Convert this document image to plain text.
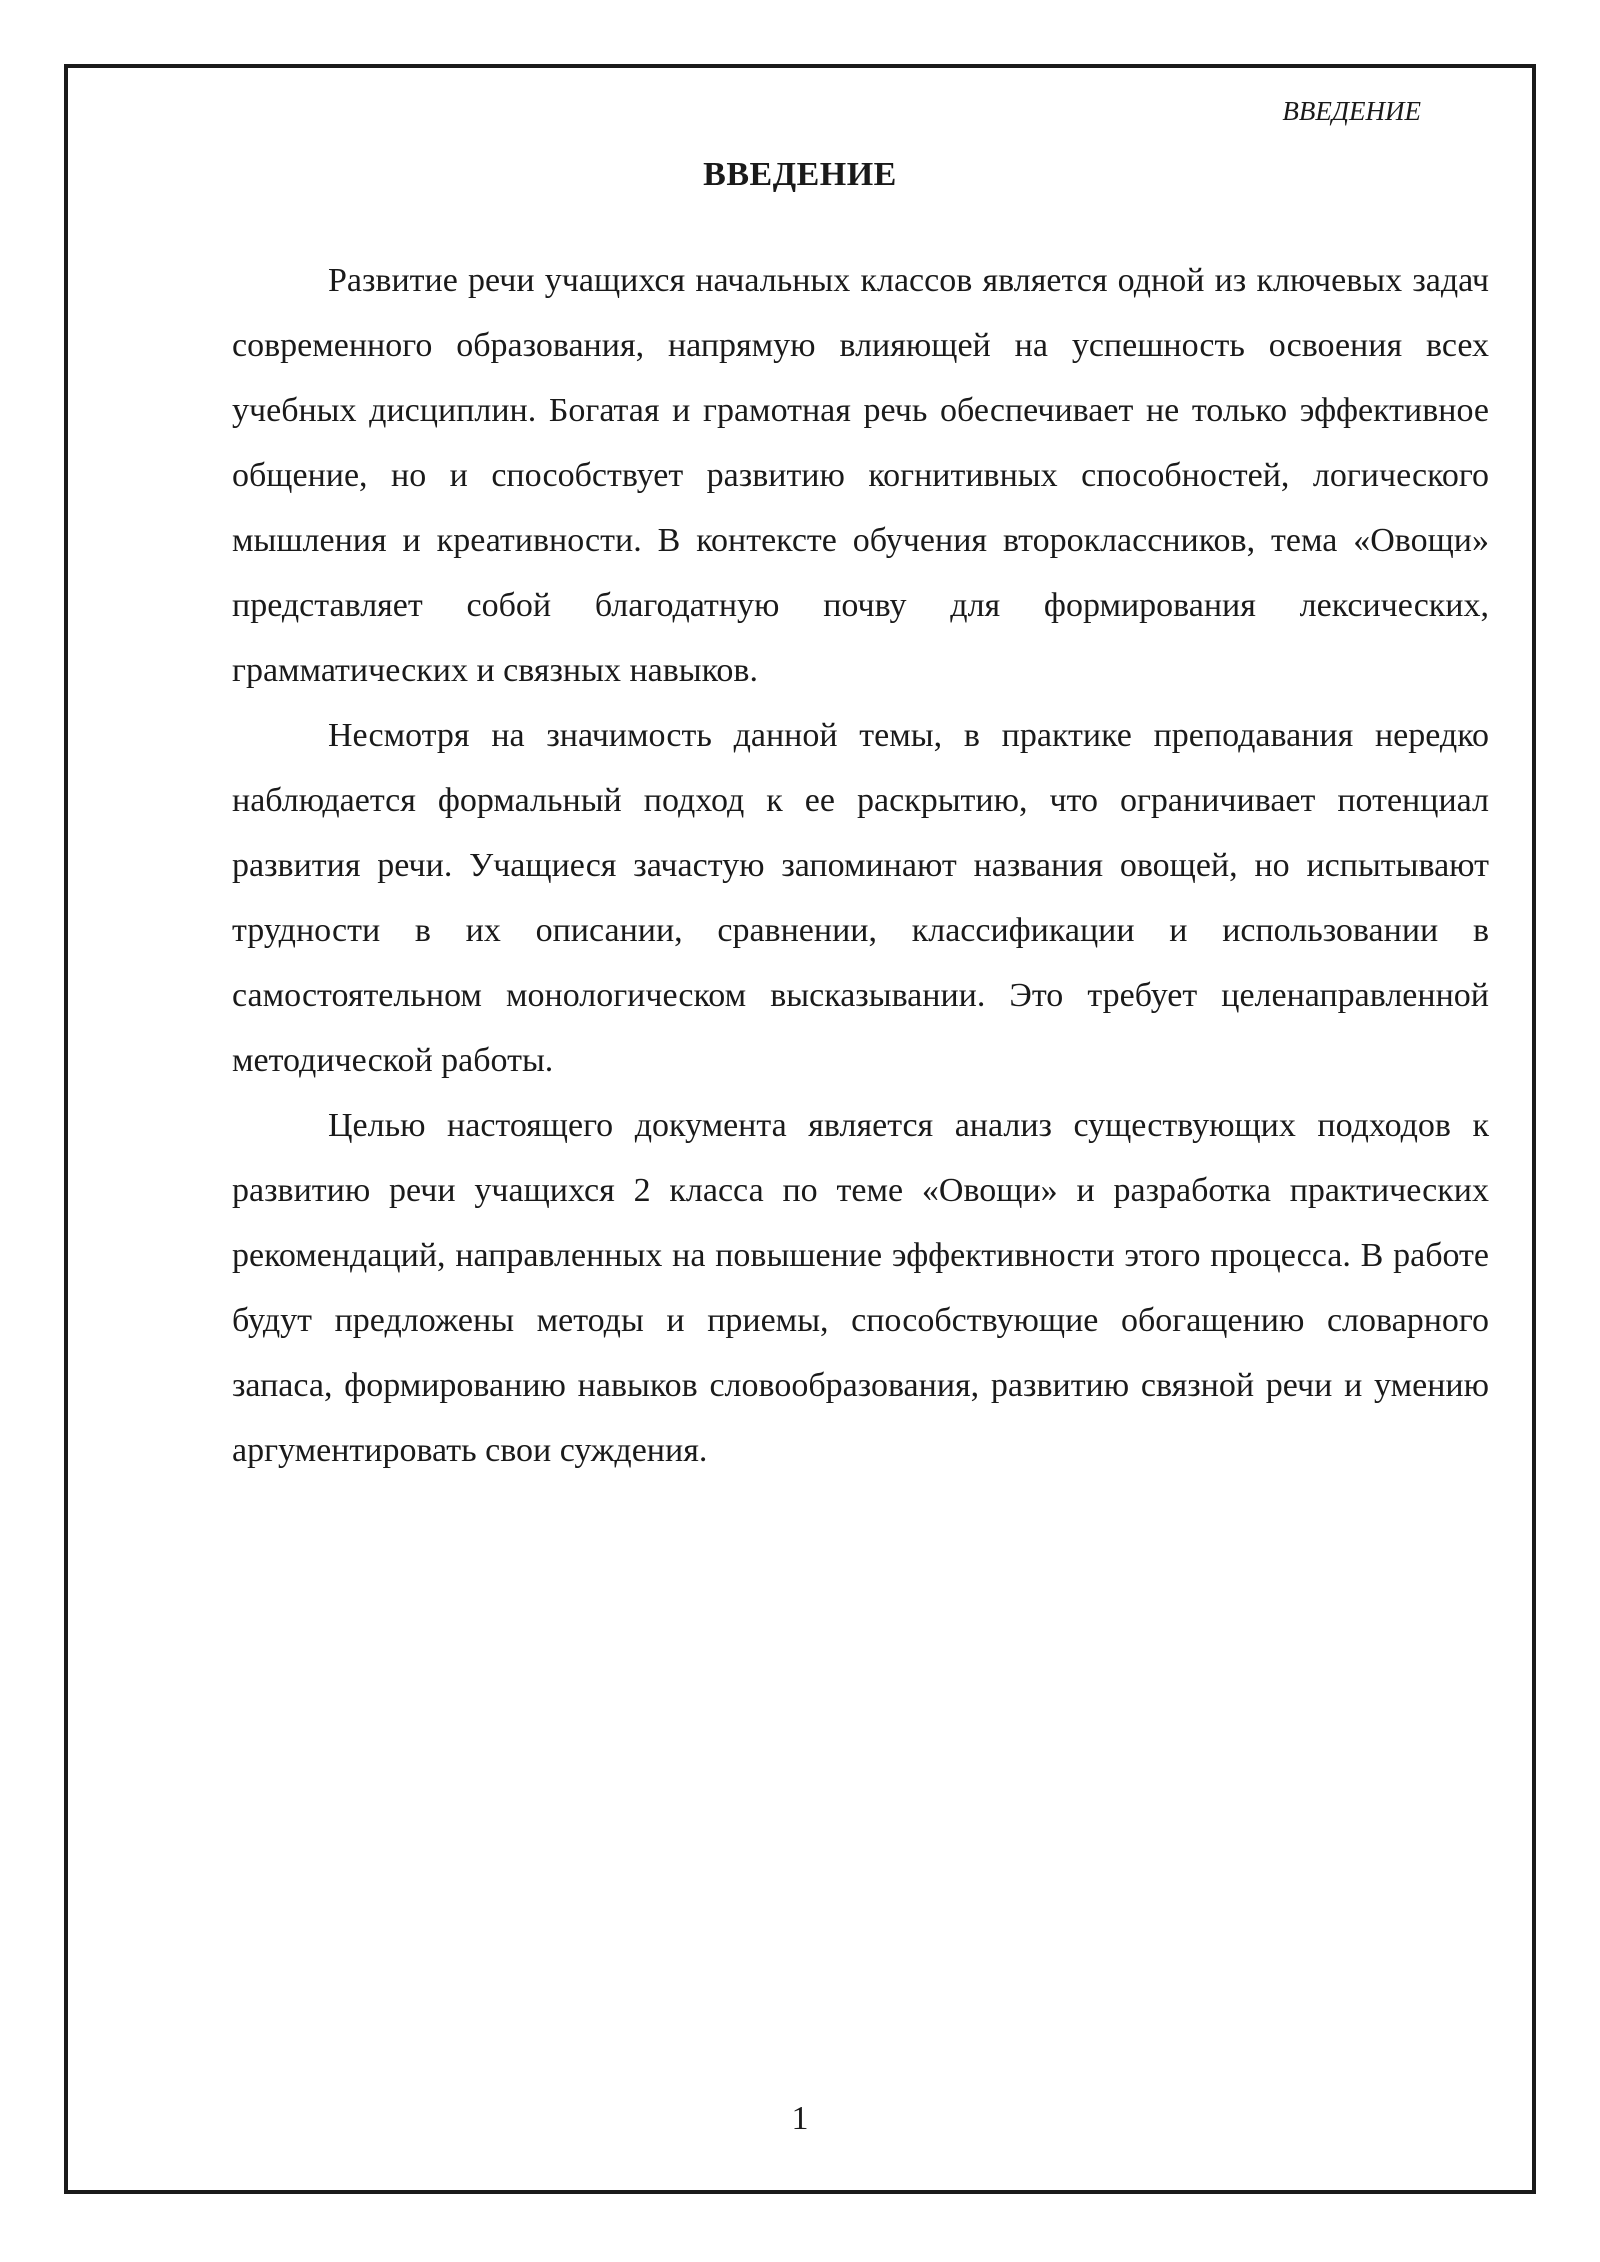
ВВЕДЕНИЕ
ВВЕДЕНИЕ

Развитие речи учащихся начальных классов является одной из ключевых задач современного образования, напрямую влияющей на успешность освоения всех учебных дисциплин. Богатая и грамотная речь обеспечивает не только эффективное общение, но и способствует развитию когнитивных способностей, логического мышления и креативности. В контексте обучения второклассников, тема «Овощи» представляет собой благодатную почву для формирования лексических, грамматических и связных навыков.

Несмотря на значимость данной темы, в практике преподавания нередко наблюдается формальный подход к ее раскрытию, что ограничивает потенциал развития речи. Учащиеся зачастую запоминают названия овощей, но испытывают трудности в их описании, сравнении, классификации и использовании в самостоятельном монологическом высказывании. Это требует целенаправленной методической работы.

Целью настоящего документа является анализ существующих подходов к развитию речи учащихся 2 класса по теме «Овощи» и разработка практических рекомендаций, направленных на повышение эффективности этого процесса. В работе будут предложены методы и приемы, способствующие обогащению словарного запаса, формированию навыков словообразования, развитию связной речи и умению аргументировать свои суждения.

1
